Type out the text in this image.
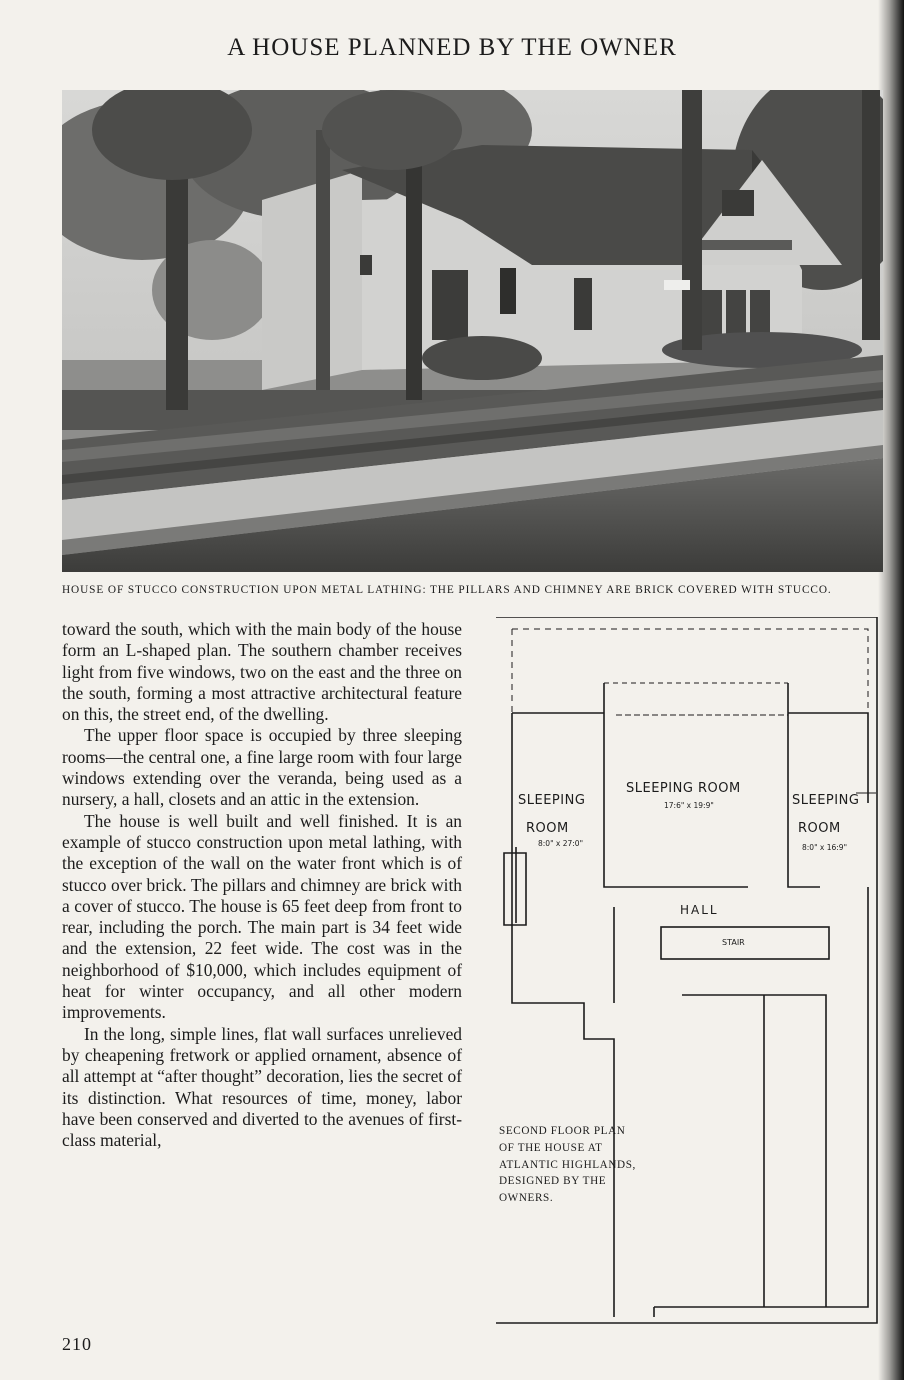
A HOUSE PLANNED BY THE OWNER
HOUSE OF STUCCO CONSTRUCTION UPON METAL LATHING: THE PILLARS AND CHIMNEY ARE BRICK COVERED WITH STUCCO.

toward the south, which with the main body of the house form an L-shaped plan. The southern chamber receives light from five windows, two on the east and the three on the south, forming a most attractive architectural feature on this, the street end, of the dwelling.

The upper floor space is occupied by three sleeping rooms—the central one, a fine large room with four large windows extending over the veranda, being used as a nursery, a hall, closets and an attic in the extension.

The house is well built and well finished. It is an example of stucco construction upon metal lathing, with the exception of the wall on the water front which is of stucco over brick. The pillars and chimney are brick with a cover of stucco. The house is 65 feet deep from front to rear, including the porch. The main part is 34 feet wide and the extension, 22 feet wide. The cost was in the neighborhood of $10,000, which includes equipment of heat for winter occupancy, and all other modern improvements.

In the long, simple lines, flat wall surfaces unrelieved by cheapening fretwork or applied ornament, absence of all attempt at “after thought” decoration, lies the secret of its distinction. What resources of time, money, labor have been conserved and diverted to the avenues of first-class material,

SLEEPING
ROOM
8:0" x 27:0"
SLEEPING ROOM
17:6" x 19:9"	SLEEPING
ROOM
8:0" x 16:9"
HALL
STAIR
SECOND FLOOR PLAN OF THE HOUSE AT ATLANTIC HIGHLANDS, DESIGNED BY THE OWNERS.
210
